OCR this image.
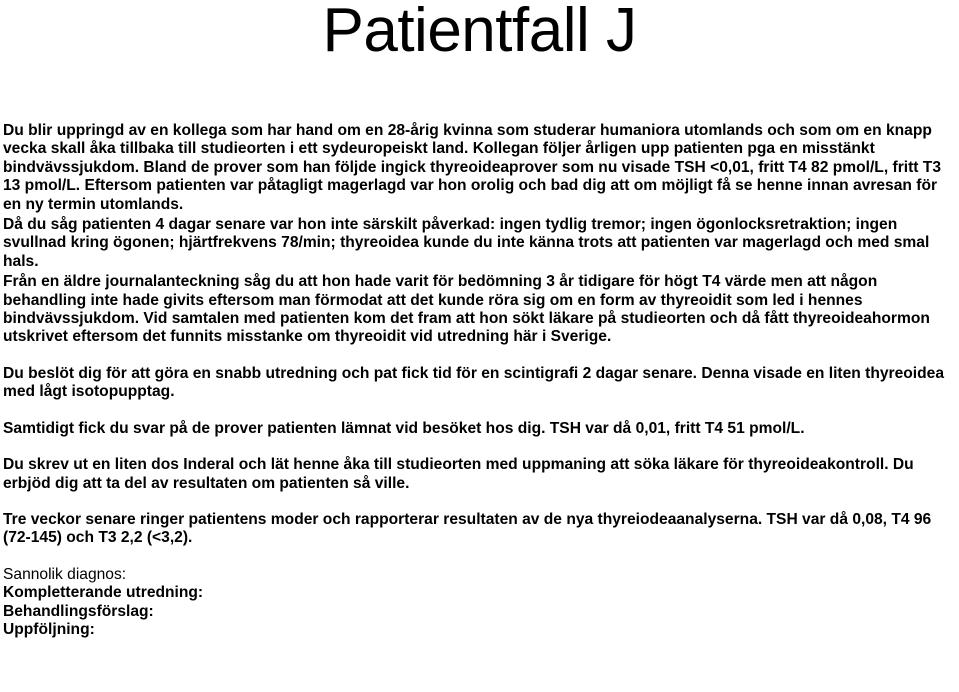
Patientfall J

Du blir uppringd av en kollega som har hand om en 28-årig kvinna som studerar humaniora utomlands och som om en knapp vecka skall åka tillbaka till studieorten i ett sydeuropeiskt land. Kollegan följer årligen upp patienten pga en misstänkt bindvävssjukdom. Bland de prover som han följde ingick thyreoideaprover som nu visade TSH <0,01, fritt T4 82 pmol/L, fritt T3 13 pmol/L. Eftersom patienten var påtagligt magerlagd var hon orolig och bad dig att om möjligt få se henne innan avresan för en ny termin utomlands.

Då du såg patienten 4 dagar senare var hon inte särskilt påverkad: ingen tydlig tremor; ingen ögonlocksretraktion; ingen svullnad kring ögonen; hjärtfrekvens 78/min; thyreoidea kunde du inte känna trots att patienten var magerlagd och med smal hals.

Från en äldre journalanteckning såg du att hon hade varit för bedömning 3 år tidigare för högt T4 värde men att någon behandling inte hade givits eftersom man förmodat att det kunde röra sig om en form av thyreoidit som led i hennes bindvävssjukdom. Vid samtalen med patienten kom det fram att hon sökt läkare på studieorten och då fått thyreoideahormon utskrivet eftersom det funnits misstanke om thyreoidit vid utredning här i Sverige.

Du beslöt dig för att göra en snabb utredning och pat fick tid för en scintigrafi 2 dagar senare. Denna visade en liten thyreoidea med lågt isotopupptag.

Samtidigt fick du svar på de prover patienten lämnat vid besöket hos dig. TSH var då 0,01, fritt T4 51 pmol/L.

Du skrev ut en liten dos Inderal och lät henne åka till studieorten med uppmaning att söka läkare för thyreoideakontroll. Du erbjöd dig att ta del av resultaten om patienten så ville.

Tre veckor senare ringer patientens moder och rapporterar resultaten av de nya thyreiodeaanalyserna. TSH var då 0,08, T4 96 (72-145) och T3 2,2 (<3,2).

Sannolik diagnos:
Kompletterande utredning:
Behandlingsförslag:
Uppföljning:
